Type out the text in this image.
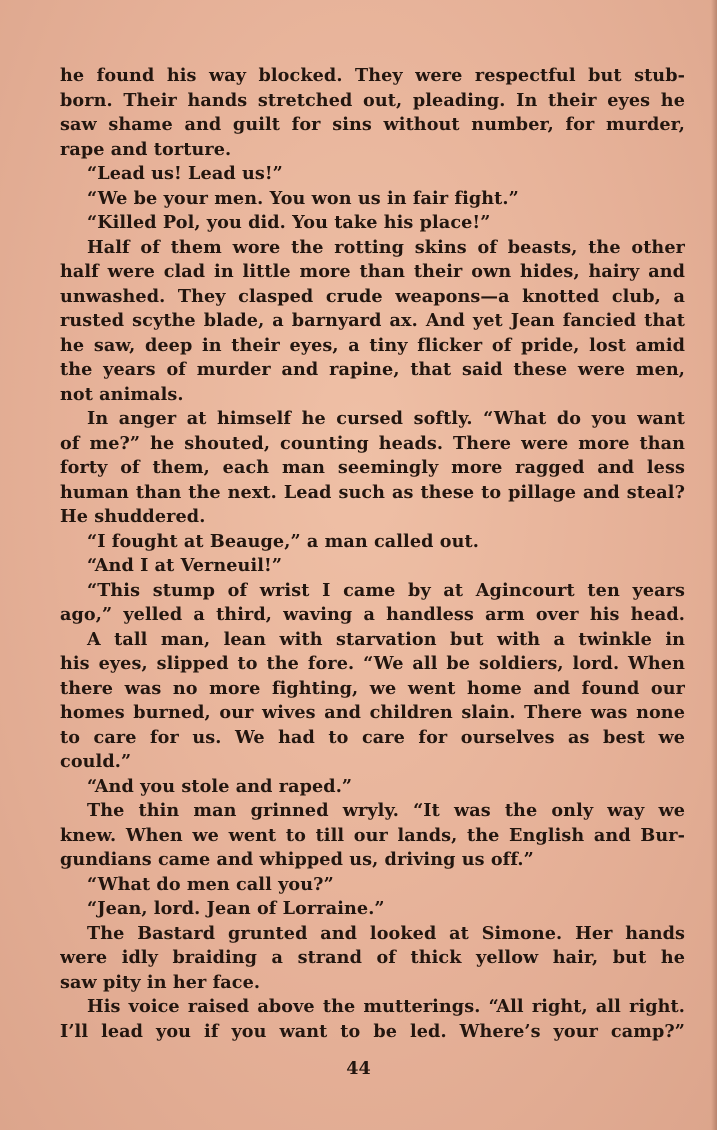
he found his way blocked. They were respectful but stub-
born. Their hands stretched out, pleading. In their eyes he
saw shame and guilt for sins without number, for murder,
rape and torture.
“Lead us! Lead us!”
“We be your men. You won us in fair fight.”
“Killed Pol, you did. You take his place!”
Half of them wore the rotting skins of beasts, the other
half were clad in little more than their own hides, hairy and
unwashed. They clasped crude weapons—a knotted club, a
rusted scythe blade, a barnyard ax. And yet Jean fancied that
he saw, deep in their eyes, a tiny flicker of pride, lost amid
the years of murder and rapine, that said these were men,
not animals.
In anger at himself he cursed softly. “What do you want
of me?” he shouted, counting heads. There were more than
forty of them, each man seemingly more ragged and less
human than the next. Lead such as these to pillage and steal?
He shuddered.
“I fought at Beauge,” a man called out.
“And I at Verneuil!”
“This stump of wrist I came by at Agincourt ten years
ago,” yelled a third, waving a handless arm over his head.
A tall man, lean with starvation but with a twinkle in
his eyes, slipped to the fore. “We all be soldiers, lord. When
there was no more fighting, we went home and found our
homes burned, our wives and children slain. There was none
to care for us. We had to care for ourselves as best we
could.”
“And you stole and raped.”
The thin man grinned wryly. “It was the only way we
knew. When we went to till our lands, the English and Bur-
gundians came and whipped us, driving us off.”
“What do men call you?”
“Jean, lord. Jean of Lorraine.”
The Bastard grunted and looked at Simone. Her hands
were idly braiding a strand of thick yellow hair, but he
saw pity in her face.
His voice raised above the mutterings. “All right, all right.
I’ll lead you if you want to be led. Where’s your camp?”
44
